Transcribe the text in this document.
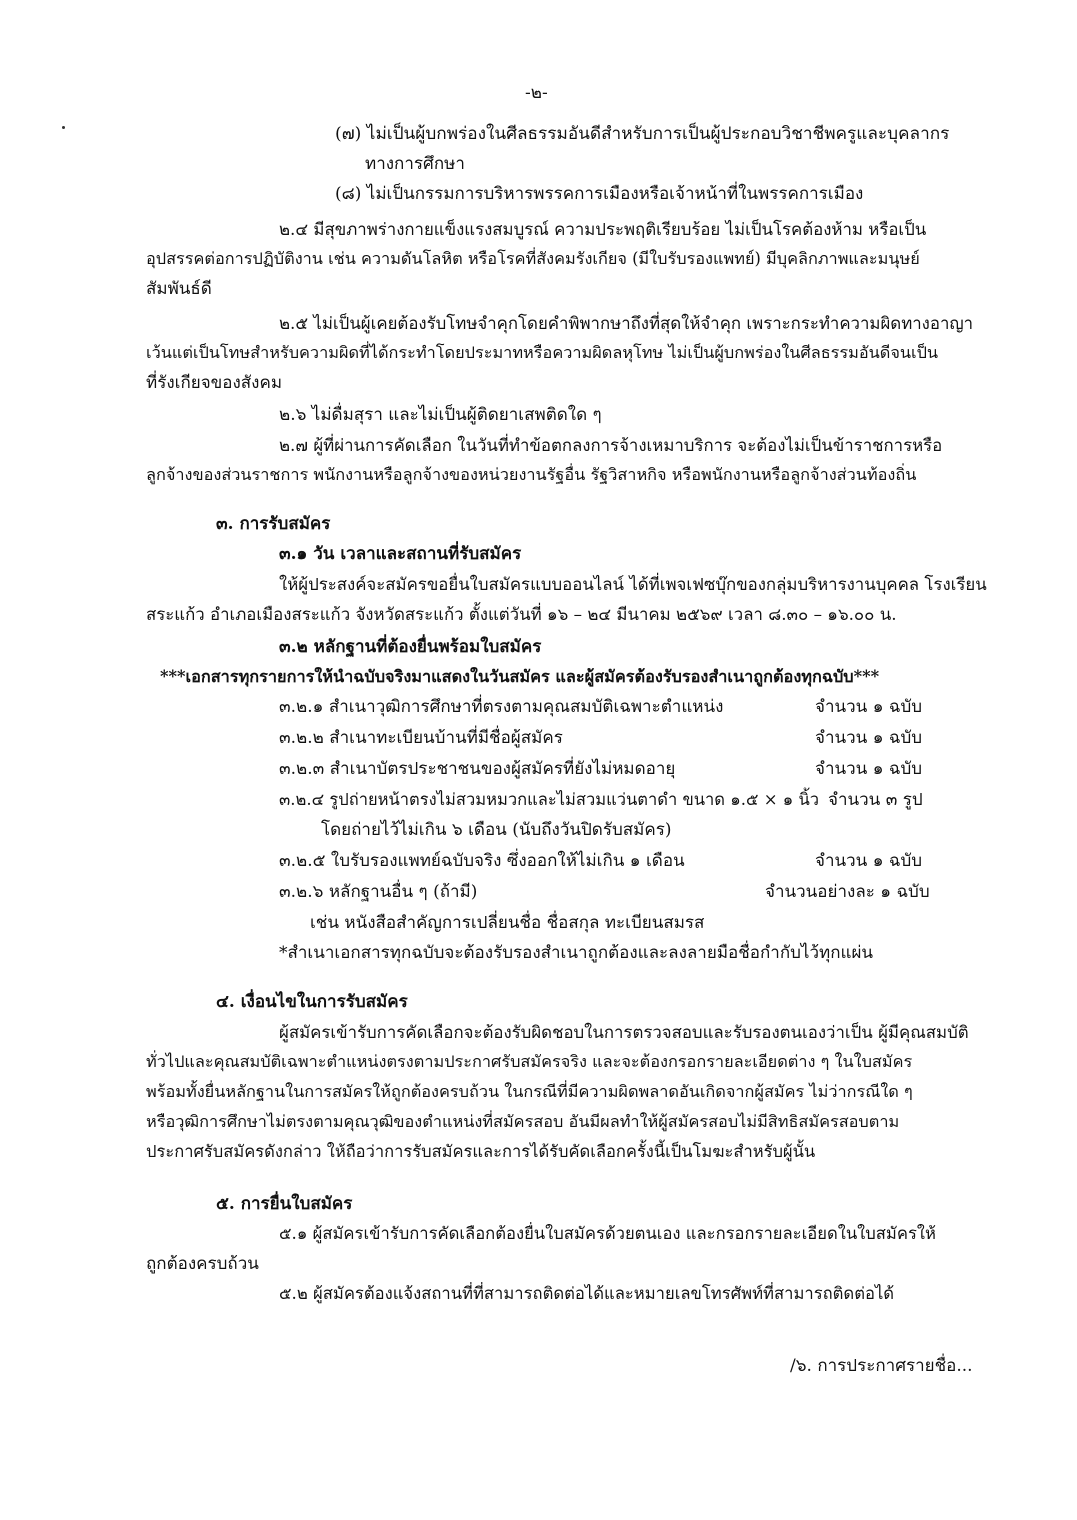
-๒-
(๗) ไม่เป็นผู้บกพร่องในศีลธรรมอันดีสำหรับการเป็นผู้ประกอบวิชาชีพครูและบุคลากร
ทางการศึกษา
(๘) ไม่เป็นกรรมการบริหารพรรคการเมืองหรือเจ้าหน้าที่ในพรรคการเมือง
๒.๔ มีสุขภาพร่างกายแข็งแรงสมบูรณ์ ความประพฤติเรียบร้อย ไม่เป็นโรคต้องห้าม หรือเป็น
อุปสรรคต่อการปฏิบัติงาน เช่น ความดันโลหิต หรือโรคที่สังคมรังเกียจ (มีใบรับรองแพทย์) มีบุคลิกภาพและมนุษย์
สัมพันธ์ดี
๒.๕ ไม่เป็นผู้เคยต้องรับโทษจำคุกโดยคำพิพากษาถึงที่สุดให้จำคุก เพราะกระทำความผิดทางอาญา
เว้นแต่เป็นโทษสำหรับความผิดที่ได้กระทำโดยประมาทหรือความผิดลหุโทษ ไม่เป็นผู้บกพร่องในศีลธรรมอันดีจนเป็น
ที่รังเกียจของสังคม
๒.๖ ไม่ดื่มสุรา และไม่เป็นผู้ติดยาเสพติดใด ๆ
๒.๗ ผู้ที่ผ่านการคัดเลือก ในวันที่ทำข้อตกลงการจ้างเหมาบริการ จะต้องไม่เป็นข้าราชการหรือ
ลูกจ้างของส่วนราชการ พนักงานหรือลูกจ้างของหน่วยงานรัฐอื่น รัฐวิสาหกิจ หรือพนักงานหรือลูกจ้างส่วนท้องถิ่น
๓. การรับสมัคร
๓.๑ วัน เวลาและสถานที่รับสมัคร
ให้ผู้ประสงค์จะสมัครขอยื่นใบสมัครแบบออนไลน์ ได้ที่เพจเฟซบุ๊กของกลุ่มบริหารงานบุคคล โรงเรียน
สระแก้ว อำเภอเมืองสระแก้ว จังหวัดสระแก้ว ตั้งแต่วันที่ ๑๖ – ๒๔ มีนาคม ๒๕๖๙ เวลา ๘.๓๐ – ๑๖.๐๐ น.
๓.๒ หลักฐานที่ต้องยื่นพร้อมใบสมัคร
***เอกสารทุกรายการให้นำฉบับจริงมาแสดงในวันสมัคร และผู้สมัครต้องรับรองสำเนาถูกต้องทุกฉบับ***
๓.๒.๑ สำเนาวุฒิการศึกษาที่ตรงตามคุณสมบัติเฉพาะตำแหน่ง	จำนวน ๑ ฉบับ
๓.๒.๒ สำเนาทะเบียนบ้านที่มีชื่อผู้สมัคร	จำนวน ๑ ฉบับ
๓.๒.๓ สำเนาบัตรประชาชนของผู้สมัครที่ยังไม่หมดอายุ	จำนวน ๑ ฉบับ
๓.๒.๔ รูปถ่ายหน้าตรงไม่สวมหมวกและไม่สวมแว่นตาดำ ขนาด ๑.๕ × ๑ นิ้ว จำนวน ๓ รูป
โดยถ่ายไว้ไม่เกิน ๖ เดือน (นับถึงวันปิดรับสมัคร)
๓.๒.๕ ใบรับรองแพทย์ฉบับจริง ซึ่งออกให้ไม่เกิน ๑ เดือน	จำนวน ๑ ฉบับ
๓.๒.๖ หลักฐานอื่น ๆ (ถ้ามี)	จำนวนอย่างละ ๑ ฉบับ
เช่น หนังสือสำคัญการเปลี่ยนชื่อ ชื่อสกุล ทะเบียนสมรส
*สำเนาเอกสารทุกฉบับจะต้องรับรองสำเนาถูกต้องและลงลายมือชื่อกำกับไว้ทุกแผ่น
๔. เงื่อนไขในการรับสมัคร
ผู้สมัครเข้ารับการคัดเลือกจะต้องรับผิดชอบในการตรวจสอบและรับรองตนเองว่าเป็น ผู้มีคุณสมบัติ
ทั่วไปและคุณสมบัติเฉพาะตำแหน่งตรงตามประกาศรับสมัครจริง และจะต้องกรอกรายละเอียดต่าง ๆ ในใบสมัคร
พร้อมทั้งยื่นหลักฐานในการสมัครให้ถูกต้องครบถ้วน ในกรณีที่มีความผิดพลาดอันเกิดจากผู้สมัคร ไม่ว่ากรณีใด ๆ
หรือวุฒิการศึกษาไม่ตรงตามคุณวุฒิของตำแหน่งที่สมัครสอบ อันมีผลทำให้ผู้สมัครสอบไม่มีสิทธิสมัครสอบตาม
ประกาศรับสมัครดังกล่าว ให้ถือว่าการรับสมัครและการได้รับคัดเลือกครั้งนี้เป็นโมฆะสำหรับผู้นั้น
๕. การยื่นใบสมัคร
๕.๑ ผู้สมัครเข้ารับการคัดเลือกต้องยื่นใบสมัครด้วยตนเอง และกรอกรายละเอียดในใบสมัครให้
ถูกต้องครบถ้วน
๕.๒ ผู้สมัครต้องแจ้งสถานที่ที่สามารถติดต่อได้และหมายเลขโทรศัพท์ที่สามารถติดต่อได้
/๖. การประกาศรายชื่อ...
